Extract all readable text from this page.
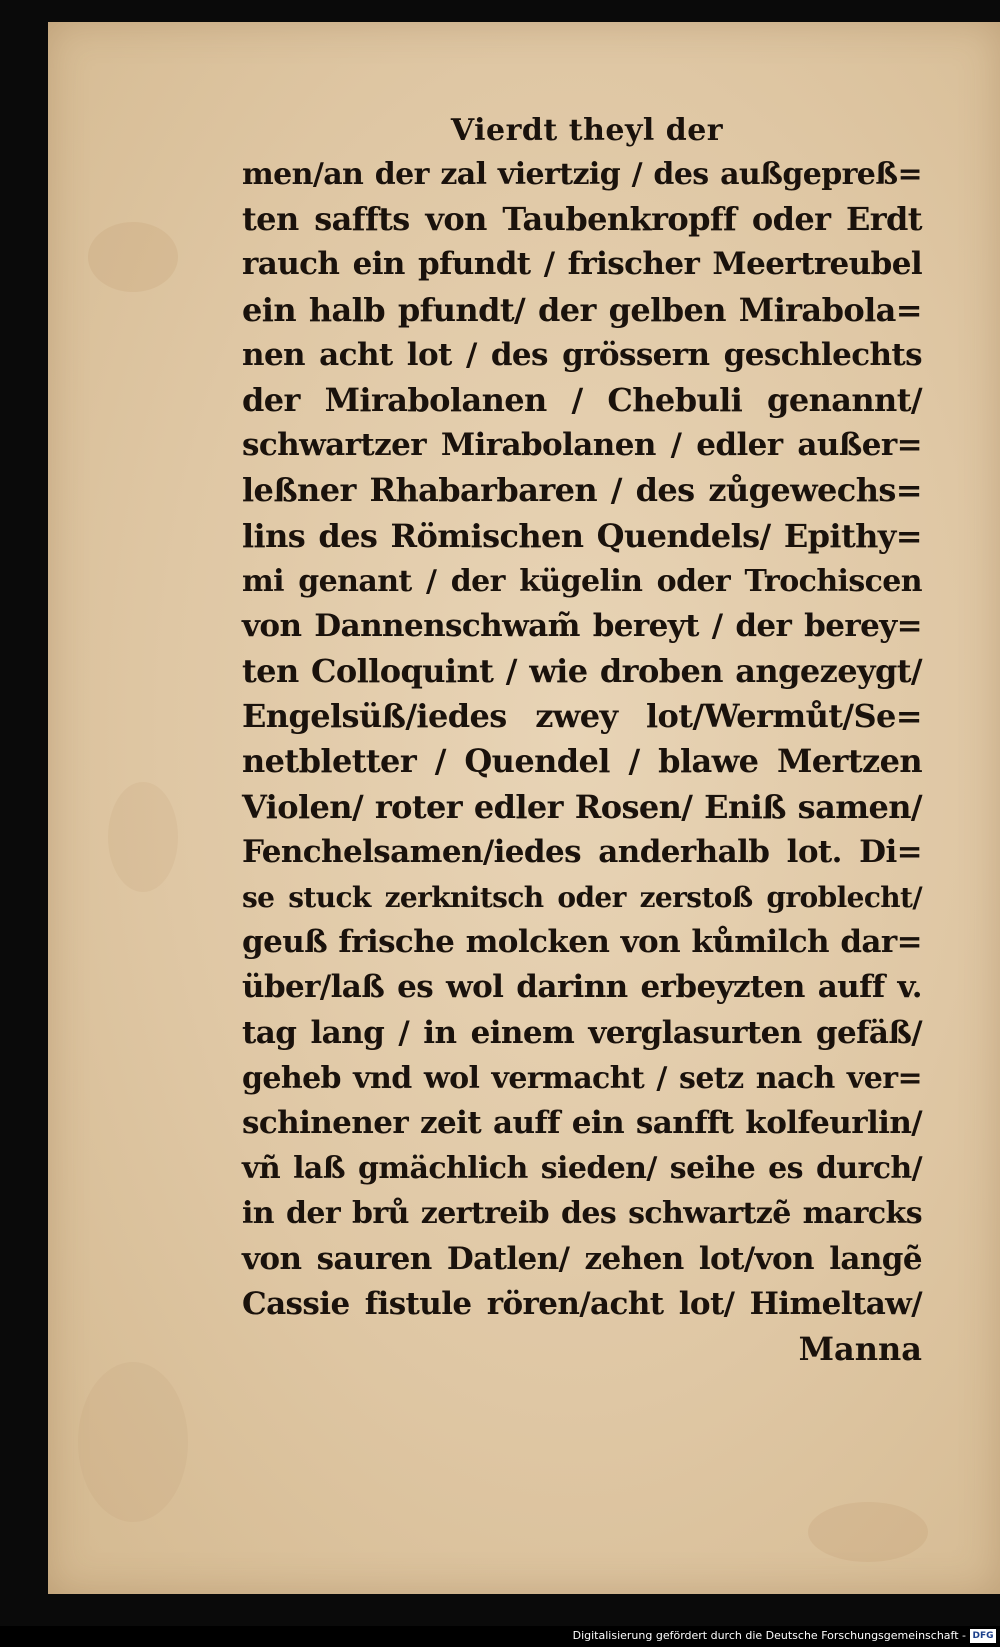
Vierdt theyl der
men/an der zal viertzig / des außgepreß=
ten saffts von Taubenkropff oder Erdt
rauch ein pfundt / frischer Meertreubel
ein halb pfundt/ der gelben Mirabola=
nen acht lot / des grössern geschlechts
der Mirabolanen / Chebuli genannt/
schwartzer Mirabolanen / edler außer=
leßner Rhabarbaren / des zůgewechs=
lins des Römischen Quendels/ Epithy=
mi genant / der kügelin oder Trochiscen
von Dannenschwam̃ bereyt / der berey=
ten Colloquint / wie droben angezeygt/
Engelsüß/iedes zwey lot/Wermůt/Se=
netbletter / Quendel / blawe Mertzen
Violen/ roter edler Rosen/ Eniß samen/
Fenchelsamen/iedes anderhalb lot. Di=
se stuck zerknitsch oder zerstoß groblecht/
geuß frische molcken von kůmilch dar=
über/laß es wol darinn erbeyzten auff v.
tag lang / in einem verglasurten gefäß/
geheb vnd wol vermacht / setz nach ver=
schinener zeit auff ein sanfft kolfeurlin/
vñ laß gmächlich sieden/ seihe es durch/
in der brů zertreib des schwartzẽ marcks
von sauren Datlen/ zehen lot/von langẽ
Cassie fistule rören/acht lot/ Himeltaw/
Manna
Digitalisierung gefördert durch die Deutsche Forschungsgemeinschaft - DFG
